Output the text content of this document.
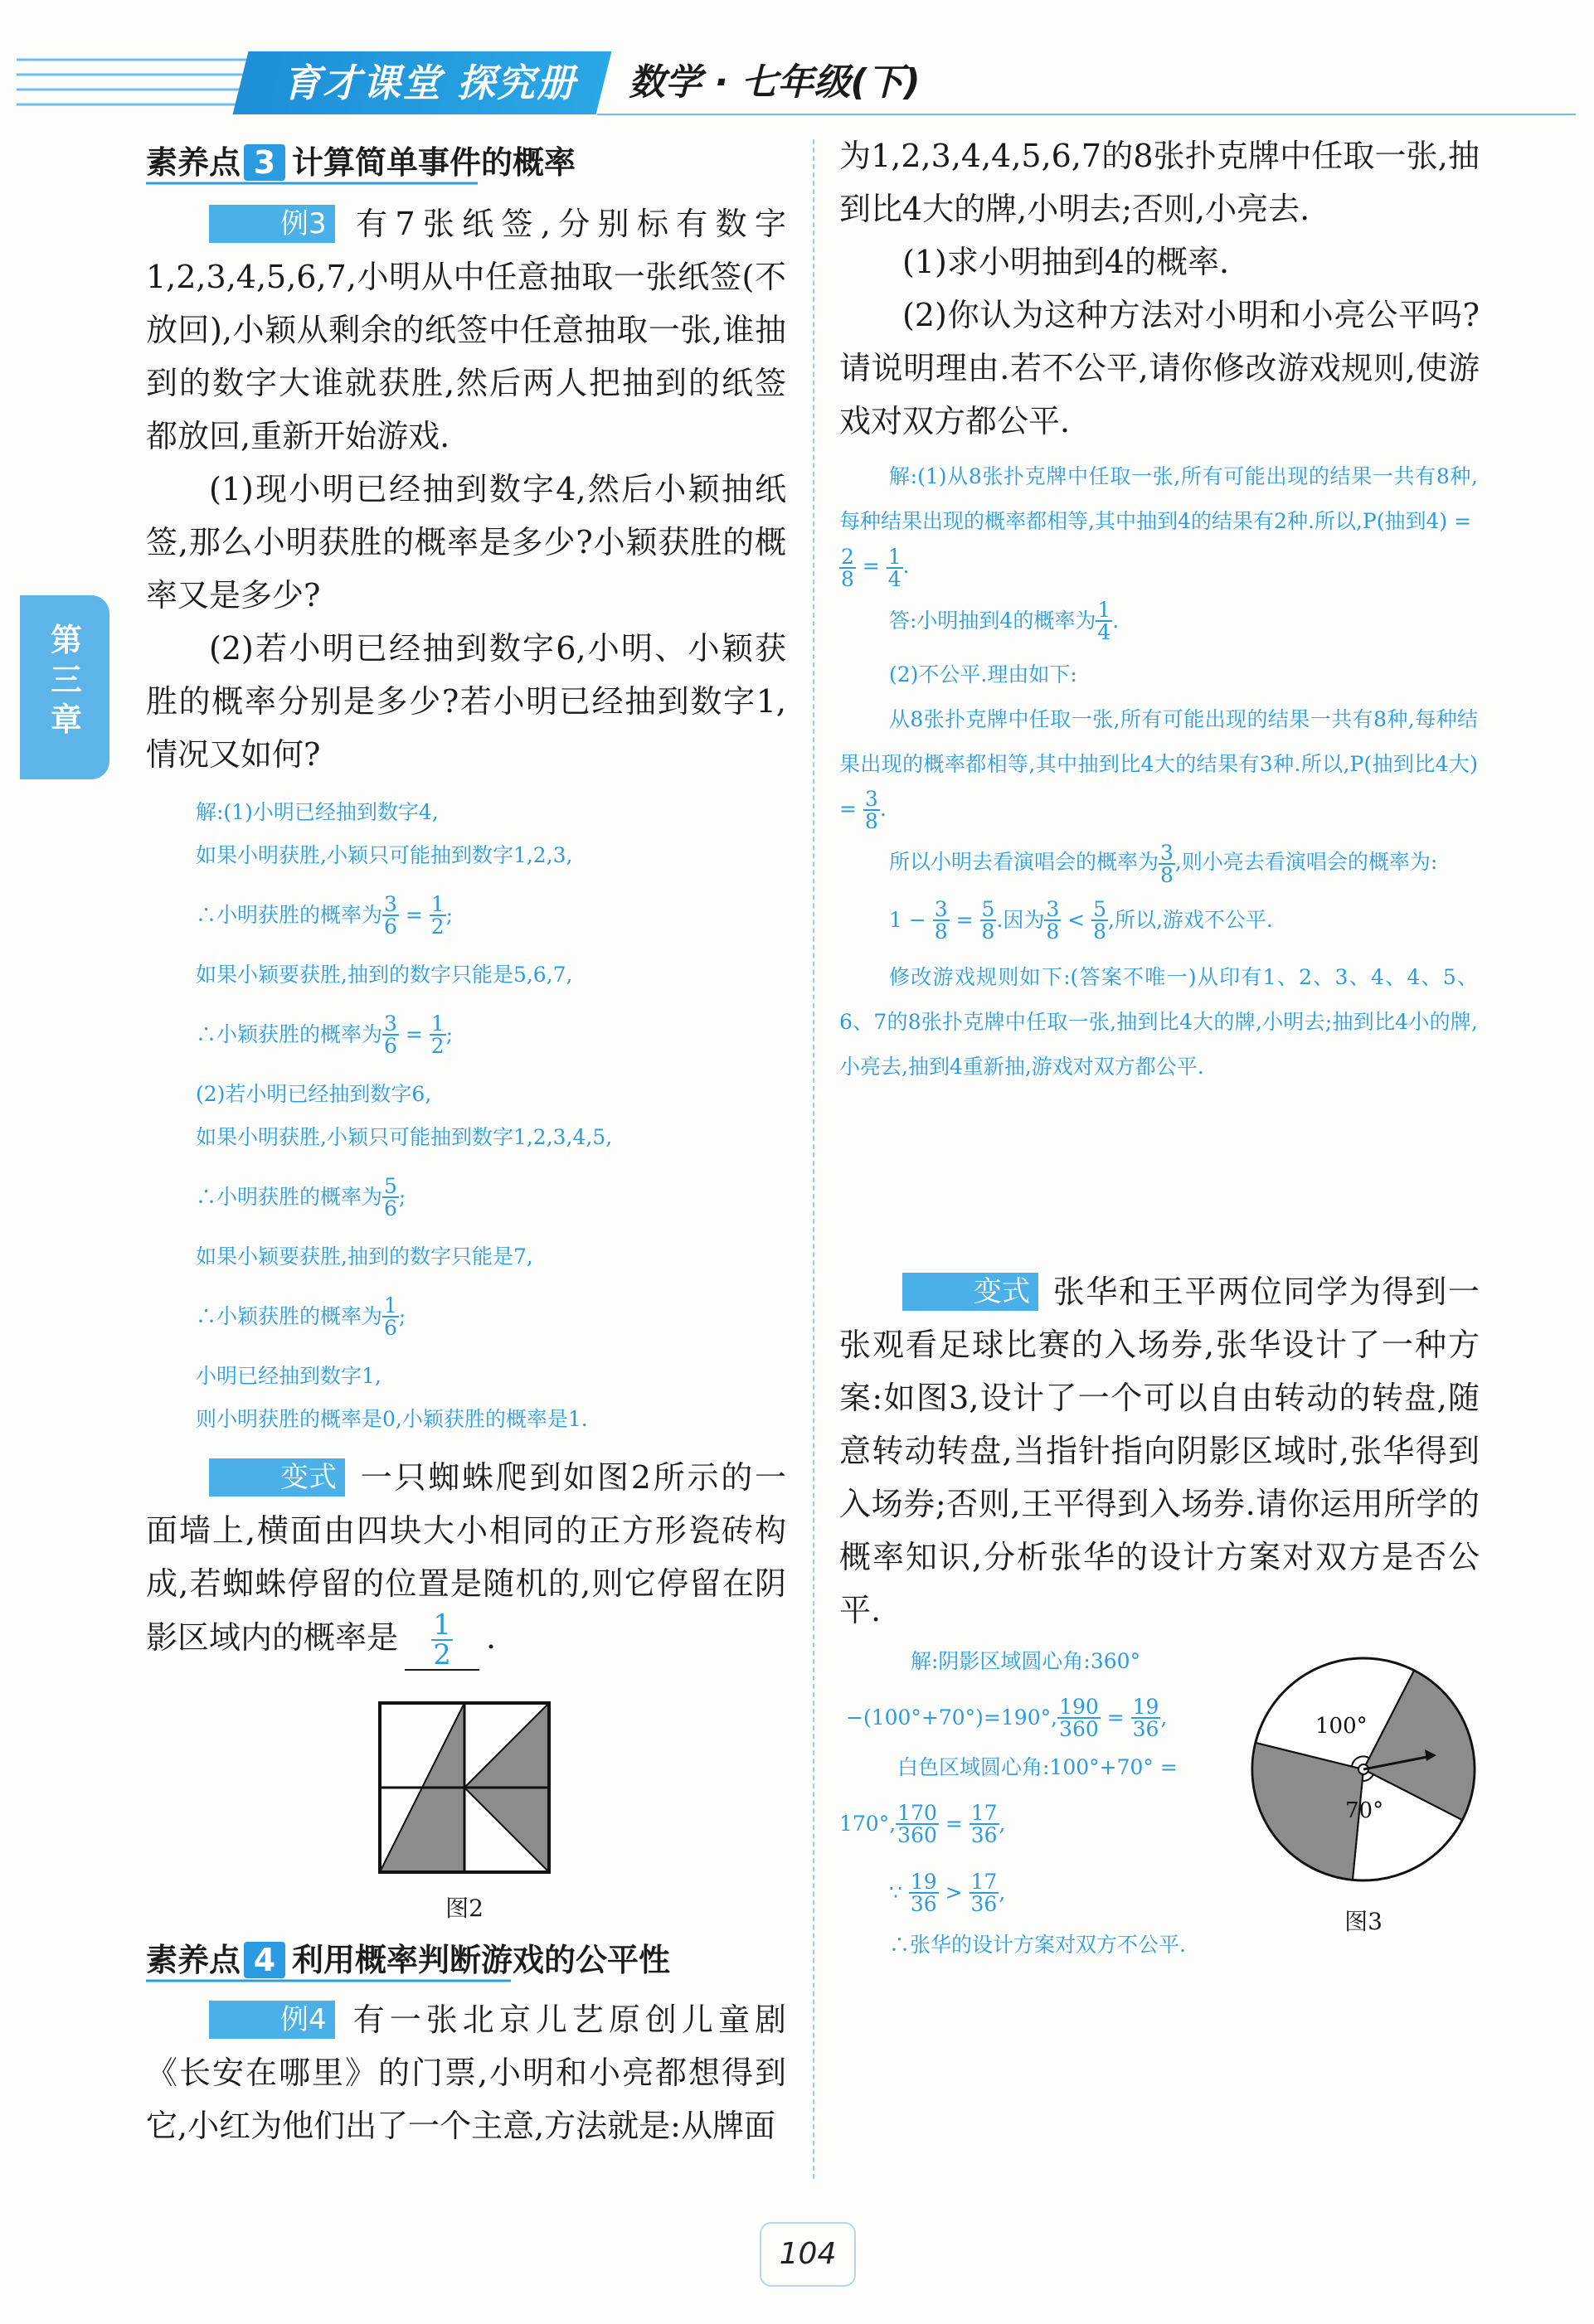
育才课堂 探究册	数学 · 七年级(下)
第三章
素养点 3 计算简单事件的概率
例3 有7张纸签,分别标有数字1,2,3,4,5,6,7,小明从中任意抽取一张纸签(不放回),小颖从剩余的纸签中任意抽取一张,谁抽到的数字大谁就获胜,然后两人把抽到的纸签都放回,重新开始游戏.
(1)现小明已经抽到数字4,然后小颖抽纸签,那么小明获胜的概率是多少?小颖获胜的概率又是多少?
(2)若小明已经抽到数字6,小明、小颖获胜的概率分别是多少?若小明已经抽到数字1,情况又如何?
解:(1)小明已经抽到数字4,
如果小明获胜,小颖只可能抽到数字1,2,3,
∴小明获胜的概率为 $\frac{3}{6} = \frac{1}{2}$ ;
如果小颖要获胜,抽到的数字只能是5,6,7,
∴小颖获胜的概率为 $\frac{3}{6} = \frac{1}{2}$ ;
(2)若小明已经抽到数字6,
如果小明获胜,小颖只可能抽到数字1,2,3,4,5,
∴小明获胜的概率为 $\frac{5}{6}$ ;
如果小颖要获胜,抽到的数字只能是7,
∴小颖获胜的概率为 $\frac{1}{6}$ ;
小明已经抽到数字1,
则小明获胜的概率是0,小颖获胜的概率是1.
变式 一只蜘蛛爬到如图2所示的一面墙上,横面由四块大小相同的正方形瓷砖构成,若蜘蛛停留的位置是随机的,则它停留在阴影区域内的概率是 $\frac{1}{2}$ .
图2
素养点 4 利用概率判断游戏的公平性
例4 有一张北京儿艺原创儿童剧《长安在哪里》的门票,小明和小亮都想得到它,小红为他们出了一个主意,方法就是:从牌面
为1,2,3,4,4,5,6,7的8张扑克牌中任取一张,抽到比4大的牌,小明去;否则,小亮去.
(1)求小明抽到4的概率.
(2)你认为这种方法对小明和小亮公平吗?请说明理由.若不公平,请你修改游戏规则,使游戏对双方都公平.
解:(1)从8张扑克牌中任取一张,所有可能出现的结果一共有8种,每种结果出现的概率都相等,其中抽到4的结果有2种.所以,P(抽到4) =
$\frac{2}{8} = \frac{1}{4}$ .
答:小明抽到4的概率为 $\frac{1}{4}$ .
(2)不公平.理由如下:
从8张扑克牌中任取一张,所有可能出现的结果一共有8种,每种结果出现的概率都相等,其中抽到比4大的结果有3种.所以,P(抽到比4大) = $\frac{3}{8}$ .
所以小明去看演唱会的概率为 $\frac{3}{8}$ ,则小亮去看演唱会的概率为:
1 −
$\frac{3}{8} = \frac{5}{8}$ .因为 $\frac{3}{8} < \frac{5}{8}$ ,所以,游戏不公平.
修改游戏规则如下:(答案不唯一)从印有1、2、3、4、4、5、6、7的8张扑克牌中任取一张,抽到比4大的牌,小明去;抽到比4小的牌,小亮去,抽到4重新抽,游戏对双方都公平.
变式 张华和王平两位同学为得到一张观看足球比赛的入场券,张华设计了一种方案:如图3,设计了一个可以自由转动的转盘,随意转动转盘,当指针指向阴影区域时,张华得到入场券;否则,王平得到入场券.请你运用所学的概率知识,分析张华的设计方案对双方是否公平.
解:阴影区域圆心角:360°
−(100°+70°)=190°, $\frac{190}{360} = \frac{19}{36}$ ,
白色区域圆心角:100°+70° =
170°, $\frac{170}{360} = \frac{17}{36}$ ,
∵
$\frac{19}{36} > \frac{17}{36}$ ,
∴张华的设计方案对双方不公平.
100°
70°
图3
104
